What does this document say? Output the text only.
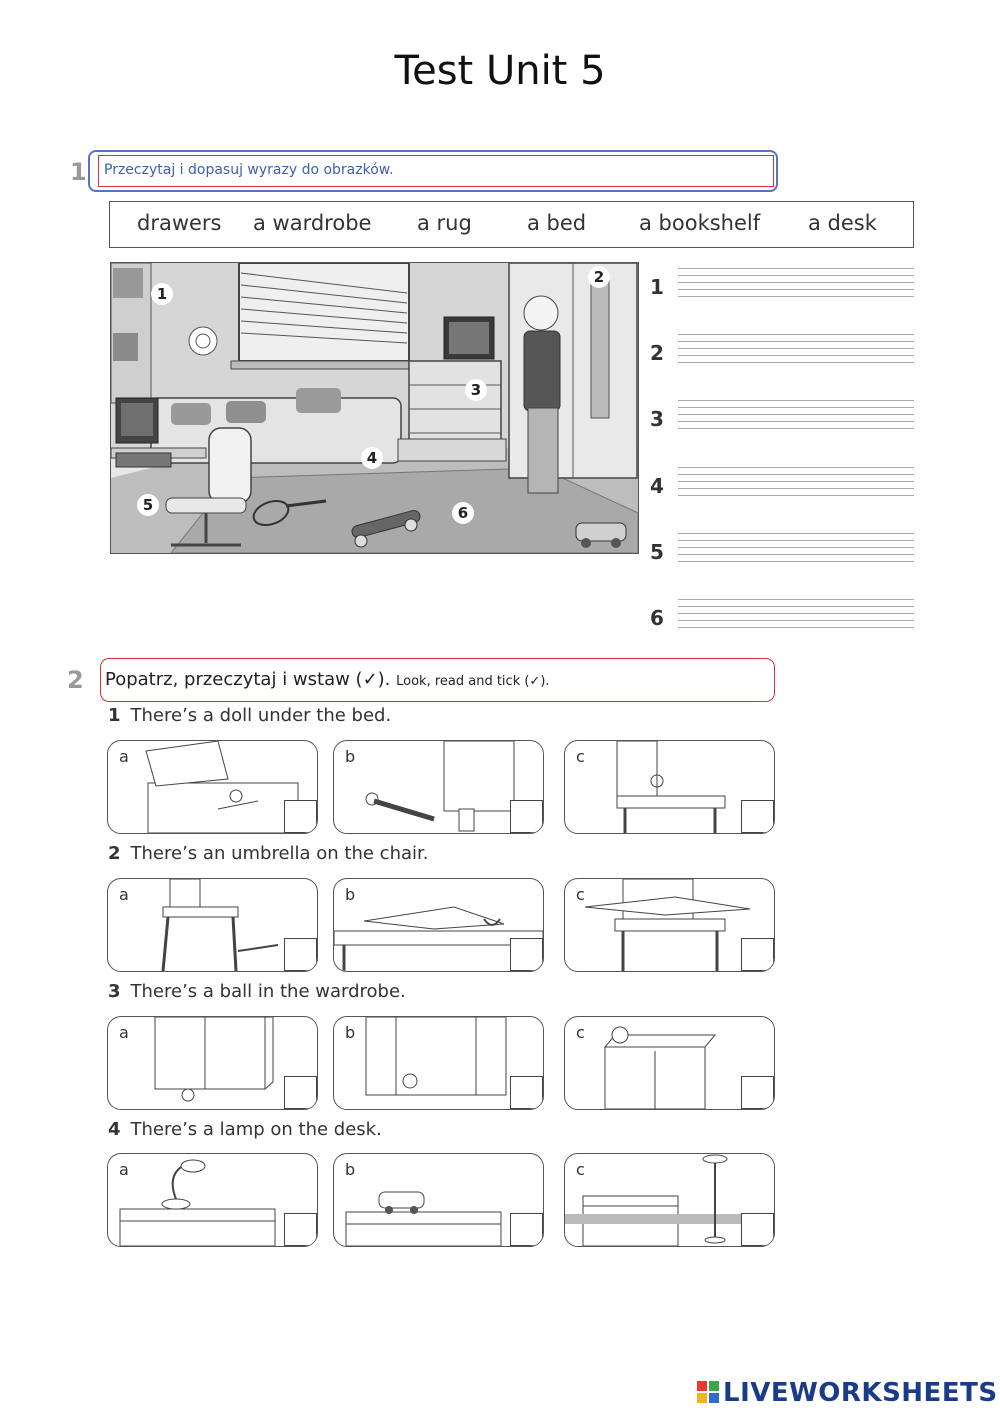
Test Unit 5
1 Przeczytaj i dopasuj wyrazy do obrazków.
drawers a wardrobe a rug	a bed	a bookshelf a desk
1
2
3
4
5	6
1
2
3
4
5
6
2 Popatrz, przeczytaj i wstaw (✓). Look, read and tick (✓).
1 There’s a doll under the bed.
a	b	c
2 There’s an umbrella on the chair.
a	b	c
3 There’s a ball in the wardrobe.
a	b	c
4 There’s a lamp on the desk.
a	b	c
LIVEWORKSHEETS
